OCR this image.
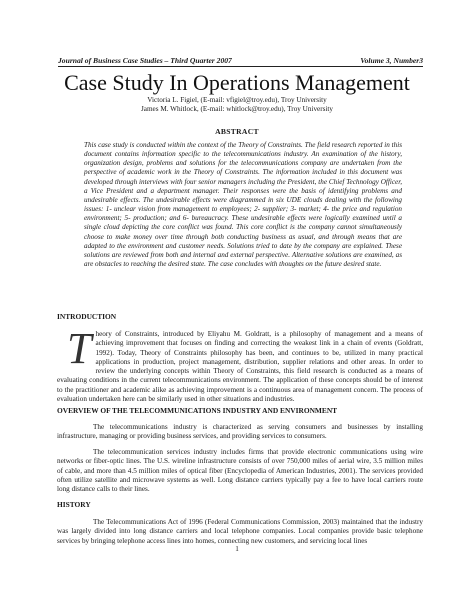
Journal of Business Case Studies – Third Quarter 2007	Volume 3, Number3
Case Study In Operations Management
Victoria L. Figiel, (E-mail: vfigiel@troy.edu), Troy University
James M. Whitlock, (E-mail: whitlock@troy.edu), Troy University
ABSTRACT
This case study is conducted within the context of the Theory of Constraints. The field research reported in this document contains information specific to the telecommunications industry. An examination of the history, organization design, problems and solutions for the telecommunications company are undertaken from the perspective of academic work in the Theory of Constraints. The information included in this document was developed through interviews with four senior managers including the President, the Chief Technology Officer, a Vice President and a department manager. Their responses were the basis of identifying problems and undesirable effects. The undesirable effects were diagrammed in six UDE clouds dealing with the following issues: 1- unclear vision from management to employees; 2- supplier; 3- market; 4- the price and regulation environment; 5- production; and 6- bureaucracy. These undesirable effects were logically examined until a single cloud depicting the core conflict was found. This core conflict is the company cannot simultaneously choose to make money over time through both conducting business as usual, and through means that are adapted to the environment and customer needs. Solutions tried to date by the company are explained. These solutions are reviewed from both and internal and external perspective. Alternative solutions are examined, as are obstacles to reaching the desired state. The case concludes with thoughts on the future desired state.
INTRODUCTION
T heory of Constraints, introduced by Eliyahu M. Goldratt, is a philosophy of management and a means of achieving improvement that focuses on finding and correcting the weakest link in a chain of events (Goldratt, 1992). Today, Theory of Constraints philosophy has been, and continues to be, utilized in many practical applications in production, project management, distribution, supplier relations and other areas. In order to review the underlying concepts within Theory of Constraints, this field research is conducted as a means of evaluating conditions in the current telecommunications environment. The application of these concepts should be of interest to the practitioner and academic alike as achieving improvement is a continuous area of management concern. The process of evaluation undertaken here can be similarly used in other situations and industries.
OVERVIEW OF THE TELECOMMUNICATIONS INDUSTRY AND ENVIRONMENT
The telecommunications industry is characterized as serving consumers and businesses by installing infrastructure, managing or providing business services, and providing services to consumers.
The telecommunication services industry includes firms that provide electronic communications using wire networks or fiber-optic lines. The U.S. wireline infrastructure consists of over 750,000 miles of aerial wire, 3.5 million miles of cable, and more than 4.5 million miles of optical fiber (Encyclopedia of American Industries, 2001). The services provided often utilize satellite and microwave systems as well. Long distance carriers typically pay a fee to have local carriers route long distance calls to their lines.
HISTORY
The Telecommunications Act of 1996 (Federal Communications Commission, 2003) maintained that the industry was largely divided into long distance carriers and local telephone companies. Local companies provide basic telephone services by bringing telephone access lines into homes, connecting new customers, and servicing local lines
1
